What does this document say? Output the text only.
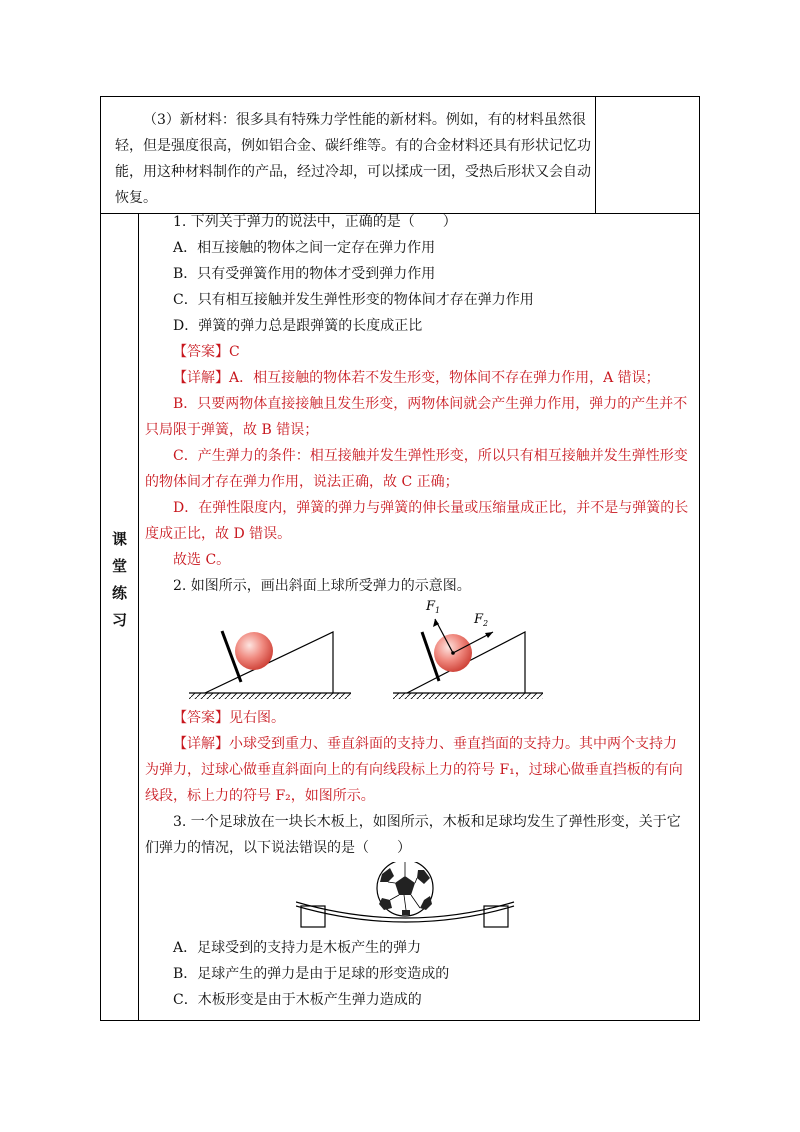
（3）新材料：很多具有特殊力学性能的新材料。例如，有的材料虽然很
轻，但是强度很高，例如铝合金、碳纤维等。有的合金材料还具有形状记忆功
能，用这种材料制作的产品，经过冷却，可以揉成一团，受热后形状又会自动
恢复。
课
堂
练
习
1. 下列关于弹力的说法中，正确的是（　　）
A．相互接触的物体之间一定存在弹力作用
B．只有受弹簧作用的物体才受到弹力作用
C．只有相互接触并发生弹性形变的物体间才存在弹力作用
D．弹簧的弹力总是跟弹簧的长度成正比
【答案】C
【详解】A．相互接触的物体若不发生形变，物体间不存在弹力作用，A 错误；
B．只要两物体直接接触且发生形变，两物体间就会产生弹力作用，弹力的产生并不
只局限于弹簧，故 B 错误；
C．产生弹力的条件：相互接触并发生弹性形变，所以只有相互接触并发生弹性形变
的物体间才存在弹力作用，说法正确，故 C 正确；
D．在弹性限度内，弹簧的弹力与弹簧的伸长量或压缩量成正比，并不是与弹簧的长
度成正比，故 D 错误。
故选 C。
2. 如图所示，画出斜面上球所受弹力的示意图。
$F_1$
$F_2$
【答案】见右图。
【详解】小球受到重力、垂直斜面的支持力、垂直挡面的支持力。其中两个支持力
为弹力，过球心做垂直斜面向上的有向线段标上力的符号 F₁，过球心做垂直挡板的有向
线段，标上力的符号 F₂，如图所示。
3. 一个足球放在一块长木板上，如图所示，木板和足球均发生了弹性形变，关于它
们弹力的情况，以下说法错误的是（　　）
A．足球受到的支持力是木板产生的弹力
B．足球产生的弹力是由于足球的形变造成的
C．木板形变是由于木板产生弹力造成的
